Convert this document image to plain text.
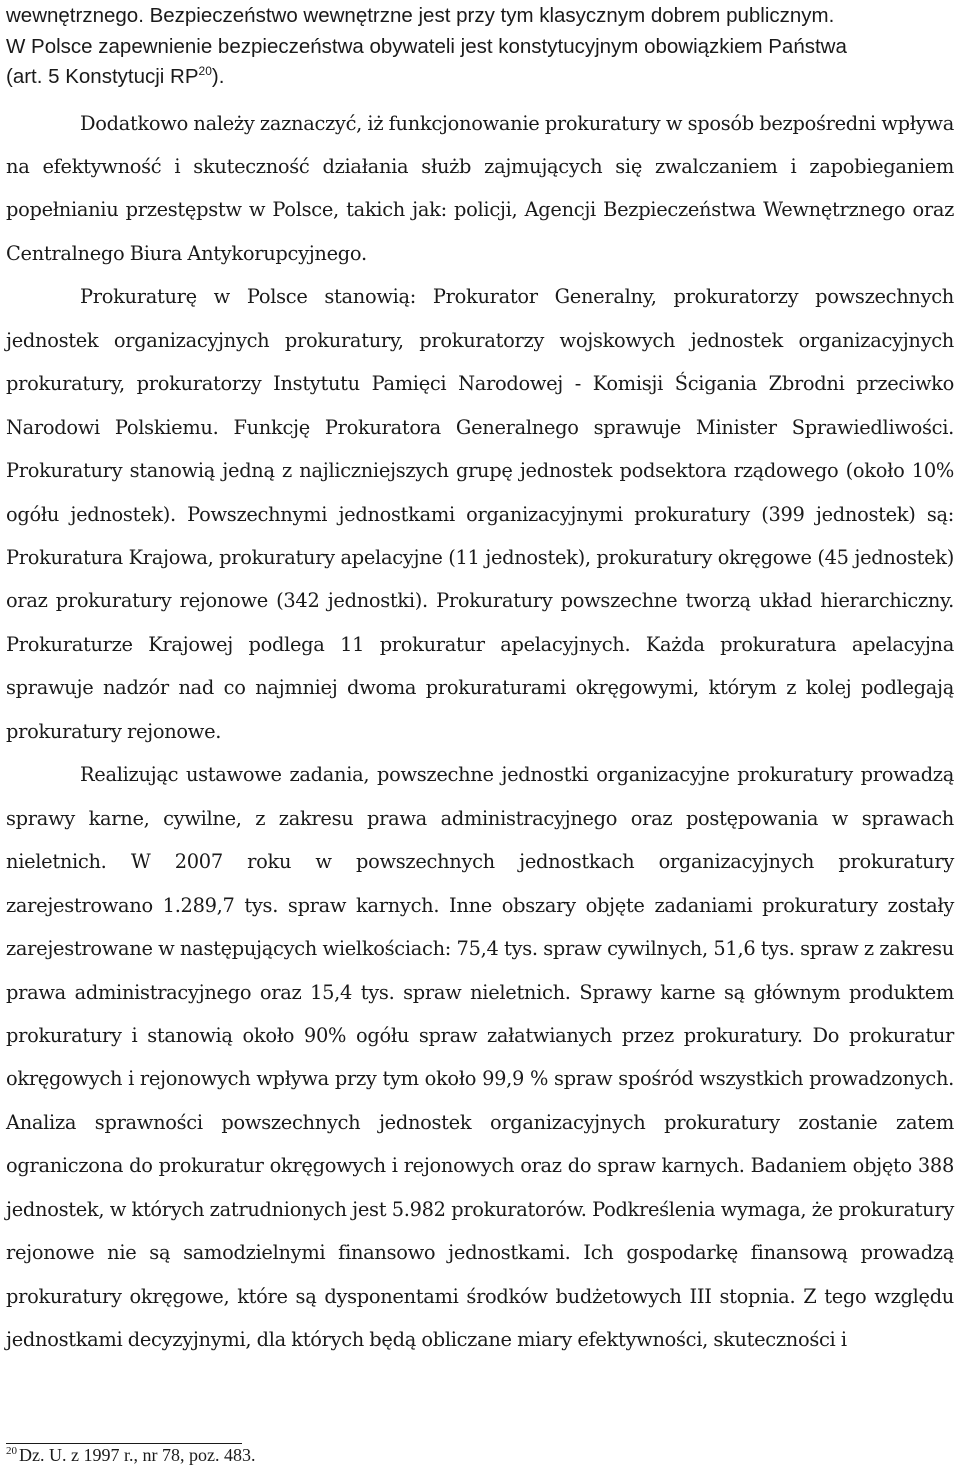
wewnętrznego. Bezpieczeństwo wewnętrzne jest przy tym klasycznym dobrem publicznym.
W Polsce zapewnienie bezpieczeństwa obywateli jest konstytucyjnym obowiązkiem Państwa
(art. 5 Konstytucji RP$^{20}$).

Dodatkowo należy zaznaczyć, iż funkcjonowanie prokuratury w sposób bezpośredni wpływa na efektywność i skuteczność działania służb zajmujących się zwalczaniem i zapobieganiem popełnianiu przestępstw w Polsce, takich jak: policji, Agencji Bezpieczeństwa Wewnętrznego oraz Centralnego Biura Antykorupcyjnego.

Prokuraturę w Polsce stanowią: Prokurator Generalny, prokuratorzy powszechnych jednostek organizacyjnych prokuratury, prokuratorzy wojskowych jednostek organizacyjnych prokuratury, prokuratorzy Instytutu Pamięci Narodowej - Komisji Ścigania Zbrodni przeciwko Narodowi Polskiemu. Funkcję Prokuratora Generalnego sprawuje Minister Sprawiedliwości. Prokuratury stanowią jedną z najliczniejszych grupę jednostek podsektora rządowego (około 10% ogółu jednostek). Powszechnymi jednostkami organizacyjnymi prokuratury (399 jednostek) są: Prokuratura Krajowa, prokuratury apelacyjne (11 jednostek), prokuratury okręgowe (45 jednostek) oraz prokuratury rejonowe (342 jednostki). Prokuratury powszechne tworzą układ hierarchiczny. Prokuraturze Krajowej podlega 11 prokuratur apelacyjnych. Każda prokuratura apelacyjna sprawuje nadzór nad co najmniej dwoma prokuraturami okręgowymi, którym z kolej podlegają prokuratury rejonowe.

Realizując ustawowe zadania, powszechne jednostki organizacyjne prokuratury prowadzą sprawy karne, cywilne, z zakresu prawa administracyjnego oraz postępowania w sprawach nieletnich. W 2007 roku w powszechnych jednostkach organizacyjnych prokuratury zarejestrowano 1.289,7 tys. spraw karnych. Inne obszary objęte zadaniami prokuratury zostały zarejestrowane w następujących wielkościach: 75,4 tys. spraw cywilnych, 51,6 tys. spraw z zakresu prawa administracyjnego oraz 15,4 tys. spraw nieletnich. Sprawy karne są głównym produktem prokuratury i stanowią około 90% ogółu spraw załatwianych przez prokuratury. Do prokuratur okręgowych i rejonowych wpływa przy tym około 99,9 % spraw spośród wszystkich prowadzonych. Analiza sprawności powszechnych jednostek organizacyjnych prokuratury zostanie zatem ograniczona do prokuratur okręgowych i rejonowych oraz do spraw karnych. Badaniem objęto 388 jednostek, w których zatrudnionych jest 5.982 prokuratorów. Podkreślenia wymaga, że prokuratury rejonowe nie są samodzielnymi finansowo jednostkami. Ich gospodarkę finansową prowadzą prokuratury okręgowe, które są dysponentami środków budżetowych III stopnia. Z tego względu jednostkami decyzyjnymi, dla których będą obliczane miary efektywności, skuteczności i

$^{20}$ Dz. U. z 1997 r., nr 78, poz. 483.
